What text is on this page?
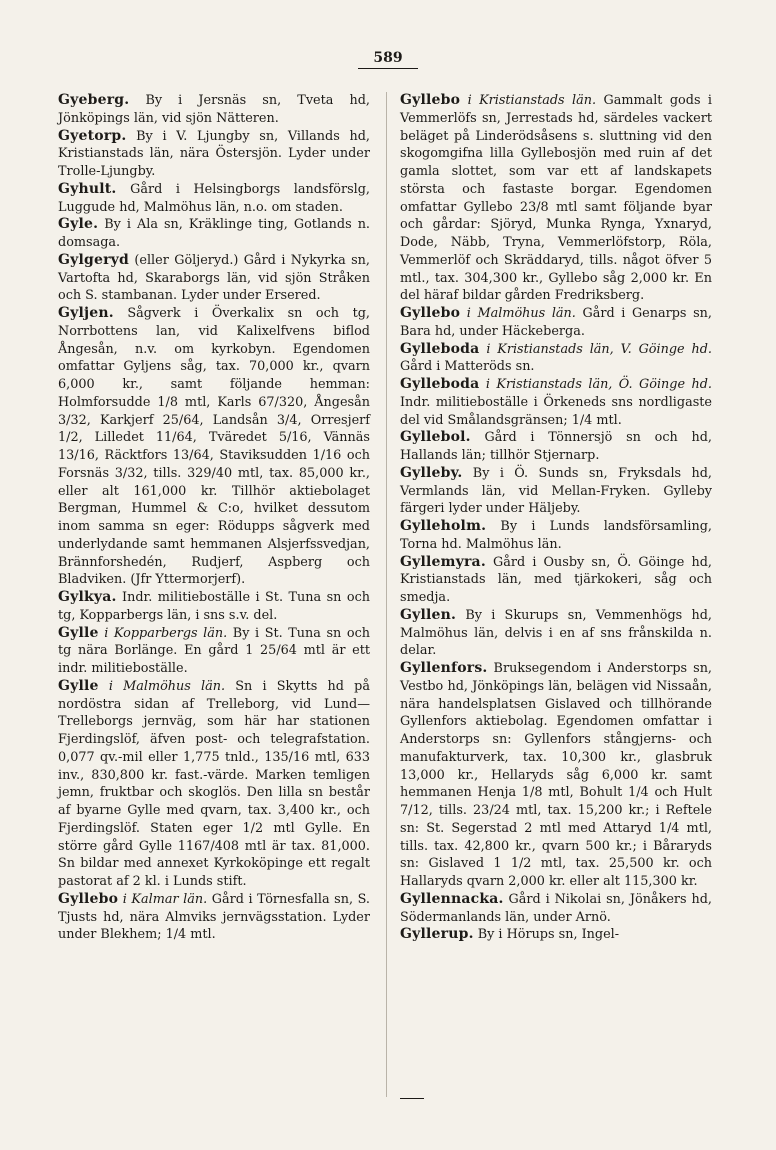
589

Gyeberg. By i Jersnäs sn, Tveta hd, Jönköpings län, vid sjön Nätteren.

Gyetorp. By i V. Ljungby sn, Villands hd, Kristianstads län, nära Östersjön. Lyder under Trolle-Ljungby.

Gyhult. Gård i Helsingborgs landsförslg, Luggude hd, Malmöhus län, n.o. om staden.

Gyle. By i Ala sn, Kräklinge ting, Gotlands n. domsaga.

Gylgeryd (eller Göljeryd.) Gård i Nykyrka sn, Vartofta hd, Skaraborgs län, vid sjön Stråken och S. stambanan. Lyder under Ersered.

Gyljen. Sågverk i Överkalix sn och tg, Norrbottens lan, vid Kalixelfvens biflod Ångesån, n.v. om kyrkobyn. Egendomen omfattar Gyljens såg, tax. 70,000 kr., qvarn 6,000 kr., samt följande hemman: Holmforsudde 1/8 mtl, Karls 67/320, Ångesån 3/32, Karkjerf 25/64, Landsån 3/4, Orresjerf 1/2, Lilledet 11/64, Tväredet 5/16, Vännäs 13/16, Räcktfors 13/64, Staviksudden 1/16 och Forsnäs 3/32, tills. 329/40 mtl, tax. 85,000 kr., eller alt 161,000 kr. Tillhör aktiebolaget Bergman, Hummel & C:o, hvilket dessutom inom samma sn eger: Rödupps sågverk med underlydande samt hemmanen Alsjerfssvedjan, Brännforshedén, Rudjerf, Aspberg och Bladviken. (Jfr Yttermorjerf).

Gylkya. Indr. militieboställe i St. Tuna sn och tg, Kopparbergs län, i sns s.v. del.

Gylle i Kopparbergs län. By i St. Tuna sn och tg nära Borlänge. En gård 1 25/64 mtl är ett indr. militieboställe.

Gylle i Malmöhus län. Sn i Skytts hd på nordöstra sidan af Trelleborg, vid Lund—Trelleborgs jernväg, som här har stationen Fjerdingslöf, äfven post- och telegrafstation. 0,077 qv.-mil eller 1,775 tnld., 135/16 mtl, 633 inv., 830,800 kr. fast.-värde. Marken temligen jemn, fruktbar och skoglös. Den lilla sn består af byarne Gylle med qvarn, tax. 3,400 kr., och Fjerdingslöf. Staten eger 1/2 mtl Gylle. En större gård Gylle 1167/408 mtl är tax. 81,000. Sn bildar med annexet Kyrkoköpinge ett regalt pastorat af 2 kl. i Lunds stift.

Gyllebo i Kalmar län. Gård i Törnesfalla sn, S. Tjusts hd, nära Almviks jernvägsstation. Lyder under Blekhem; 1/4 mtl.

Gyllebo i Kristianstads län. Gammalt gods i Vemmerlöfs sn, Jerrestads hd, särdeles vackert beläget på Linderödsåsens s. sluttning vid den skogomgifna lilla Gyllebosjön med ruin af det gamla slottet, som var ett af landskapets största och fastaste borgar. Egendomen omfattar Gyllebo 23/8 mtl samt följande byar och gårdar: Sjöryd, Munka Rynga, Yxnaryd, Dode, Näbb, Tryna, Vemmerlöfstorp, Röla, Vemmerlöf och Skräddaryd, tills. något öfver 5 mtl., tax. 304,300 kr., Gyllebo såg 2,000 kr. En del häraf bildar gården Fredriksberg.

Gyllebo i Malmöhus län. Gård i Genarps sn, Bara hd, under Häckeberga.

Gylleboda i Kristianstads län, V. Göinge hd. Gård i Matteröds sn.

Gylleboda i Kristianstads län, Ö. Göinge hd. Indr. militieboställe i Örkeneds sns nordligaste del vid Smålandsgränsen; 1/4 mtl.

Gyllebol. Gård i Tönnersjö sn och hd, Hallands län; tillhör Stjernarp.

Gylleby. By i Ö. Sunds sn, Fryksdals hd, Vermlands län, vid Mellan-Fryken. Gylleby färgeri lyder under Häljeby.

Gylleholm. By i Lunds landsförsamling, Torna hd. Malmöhus län.

Gyllemyra. Gård i Ousby sn, Ö. Göinge hd, Kristianstads län, med tjärkokeri, såg och smedja.

Gyllen. By i Skurups sn, Vemmenhögs hd, Malmöhus län, delvis i en af sns frånskilda n. delar.

Gyllenfors. Bruksegendom i Anderstorps sn, Vestbo hd, Jönköpings län, belägen vid Nissaån, nära handelsplatsen Gislaved och tillhörande Gyllenfors aktiebolag. Egendomen omfattar i Anderstorps sn: Gyllenfors stångjerns- och manufakturverk, tax. 10,300 kr., glasbruk 13,000 kr., Hellaryds såg 6,000 kr. samt hemmanen Henja 1/8 mtl, Bohult 1/4 och Hult 7/12, tills. 23/24 mtl, tax. 15,200 kr.; i Reftele sn: St. Segerstad 2 mtl med Attaryd 1/4 mtl, tills. tax. 42,800 kr., qvarn 500 kr.; i Båraryds sn: Gislaved 1 1/2 mtl, tax. 25,500 kr. och Hallaryds qvarn 2,000 kr. eller alt 115,300 kr.

Gyllennacka. Gård i Nikolai sn, Jönåkers hd, Södermanlands län, under Arnö.

Gyllerup. By i Hörups sn, Ingel-
